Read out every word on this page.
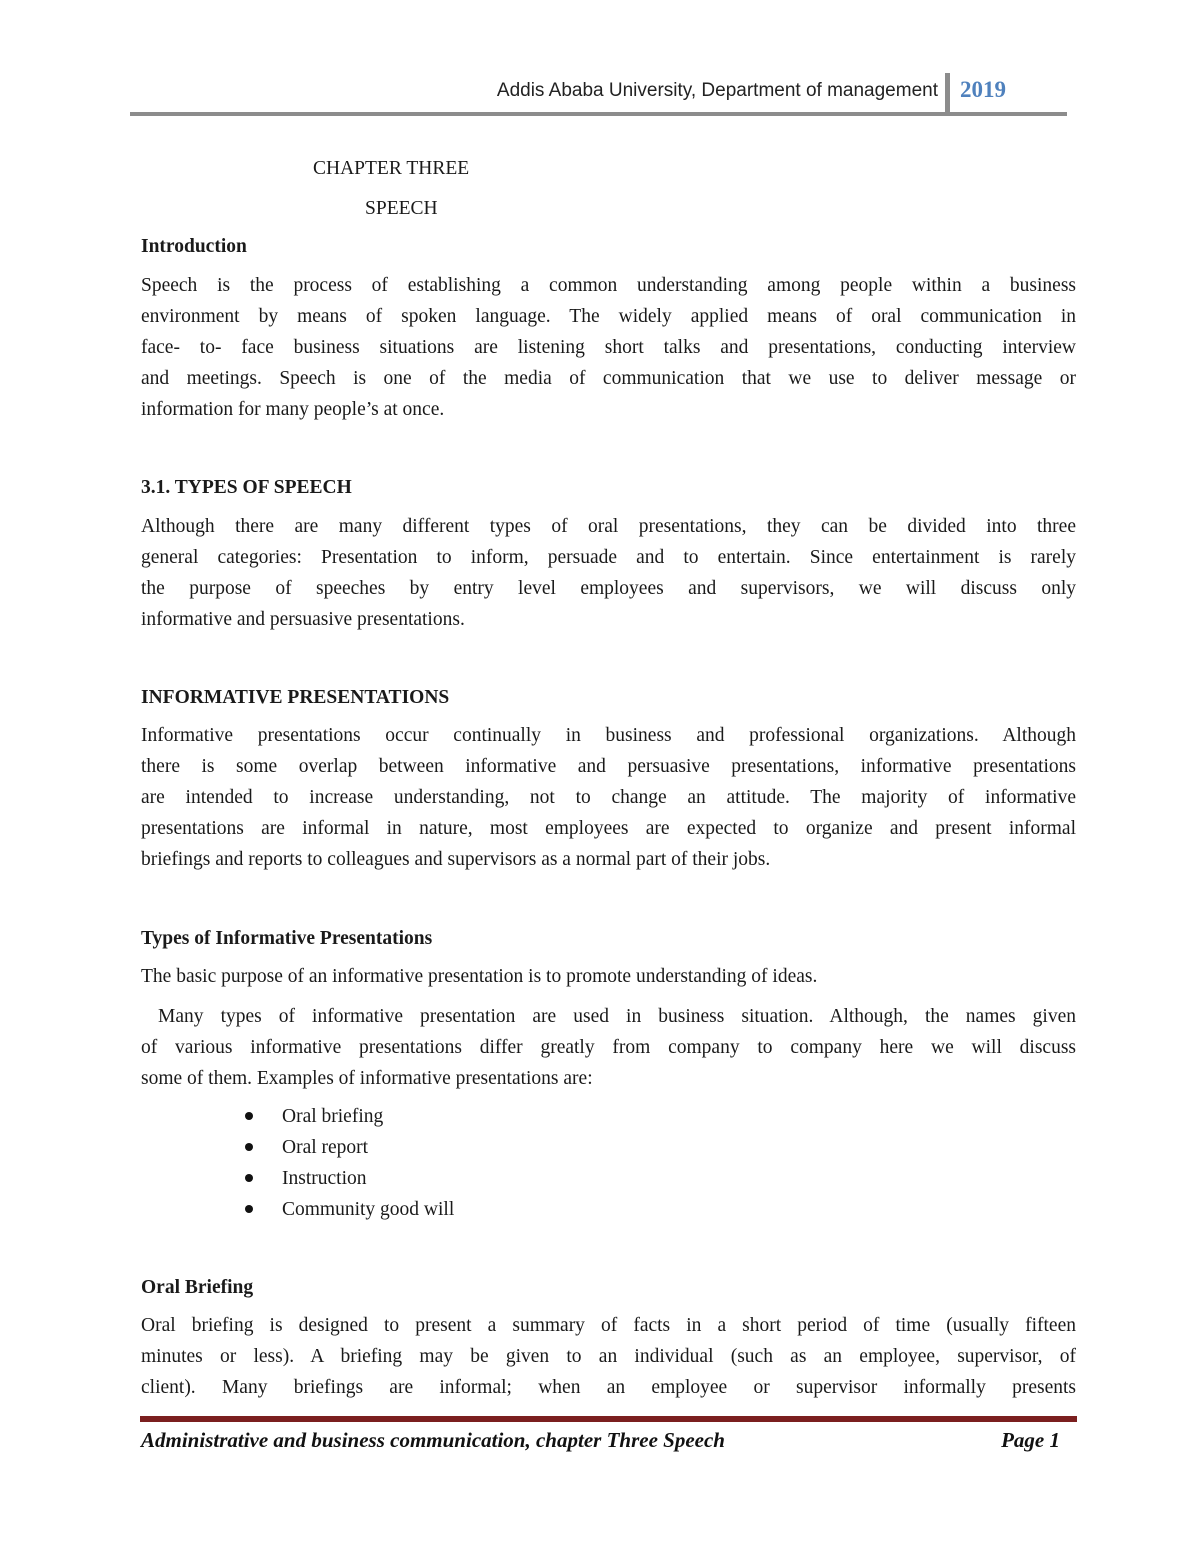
Addis Ababa University, Department of management 2019
CHAPTER THREE
SPEECH
Introduction
Speech is the process of establishing a common understanding among people within a business
environment by means of spoken language. The widely applied means of oral communication in
face- to- face business situations are listening short talks and presentations, conducting interview
and meetings. Speech is one of the media of communication that we use to deliver message or
information for many people’s at once.
3.1. TYPES OF SPEECH
Although there are many different types of oral presentations, they can be divided into three
general categories: Presentation to inform, persuade and to entertain. Since entertainment is rarely
the purpose of speeches by entry level employees and supervisors, we will discuss only
informative and persuasive presentations.
INFORMATIVE PRESENTATIONS
Informative presentations occur continually in business and professional organizations. Although
there is some overlap between informative and persuasive presentations, informative presentations
are intended to increase understanding, not to change an attitude. The majority of informative
presentations are informal in nature, most employees are expected to organize and present informal
briefings and reports to colleagues and supervisors as a normal part of their jobs.
Types of Informative Presentations
The basic purpose of an informative presentation is to promote understanding of ideas.
Many types of informative presentation are used in business situation. Although, the names given
of various informative presentations differ greatly from company to company here we will discuss
some of them. Examples of informative presentations are:
Oral briefing
Oral report
Instruction
Community good will
Oral Briefing
Oral briefing is designed to present a summary of facts in a short period of time (usually fifteen
minutes or less). A briefing may be given to an individual (such as an employee, supervisor, of
client). Many briefings are informal; when an employee or supervisor informally presents
Administrative and business communication, chapter Three Speech	Page 1
